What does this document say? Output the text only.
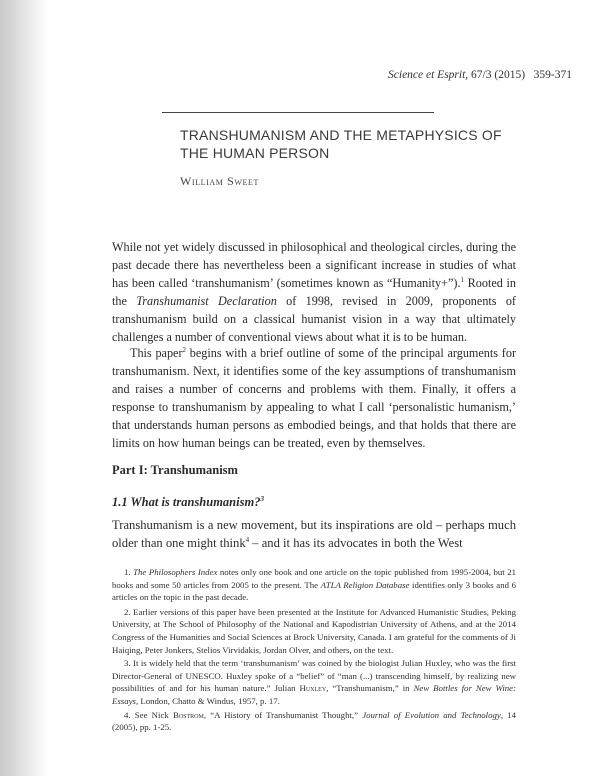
Science et Esprit, 67/3 (2015) 359-371
TRANSHUMANISM AND THE METAPHYSICS OF THE HUMAN PERSON
William Sweet

While not yet widely discussed in philosophical and theological circles, during the past decade there has nevertheless been a significant increase in studies of what has been called ‘transhumanism’ (sometimes known as “Humanity+”).$^1$ Rooted in the Transhumanist Declaration of 1998, revised in 2009, proponents of transhumanism build on a classical humanist vision in a way that ultimately challenges a number of conventional views about what it is to be human.

This paper$^2$ begins with a brief outline of some of the principal arguments for transhumanism. Next, it identifies some of the key assumptions of transhumanism and raises a number of concerns and problems with them. Finally, it offers a response to transhumanism by appealing to what I call ‘personalistic humanism,’ that understands human persons as embodied beings, and that holds that there are limits on how human beings can be treated, even by themselves.

Part I: Transhumanism
1.1 What is transhumanism?$^3$

Transhumanism is a new movement, but its inspirations are old – perhaps much older than one might think$^4$ – and it has its advocates in both the West

1. The Philosophers Index notes only one book and one article on the topic published from 1995-2004, but 21 books and some 50 articles from 2005 to the present. The ATLA Religion Database identifies only 3 books and 6 articles on the topic in the past decade.

2. Earlier versions of this paper have been presented at the Institute for Advanced Humanistic Studies, Peking University, at The School of Philosophy of the National and Kapodistrian University of Athens, and at the 2014 Congress of the Humanities and Social Sciences at Brock University, Canada. I am grateful for the comments of Ji Haiqing, Peter Jonkers, Stelios Virvidakis, Jordan Olver, and others, on the text.

3. It is widely held that the term ‘transhumanism’ was coined by the biologist Julian Huxley, who was the first Director-General of UNESCO. Huxley spoke of a “belief” of “man (...) transcending himself, by realizing new possibilities of and for his human nature.” Julian Huxley, “Transhumanism,” in New Bottles for New Wine: Essays, London, Chatto & Windus, 1957, p. 17.

4. See Nick Bostrom, “A History of Transhumanist Thought,” Journal of Evolution and Technology, 14 (2005), pp. 1-25.
